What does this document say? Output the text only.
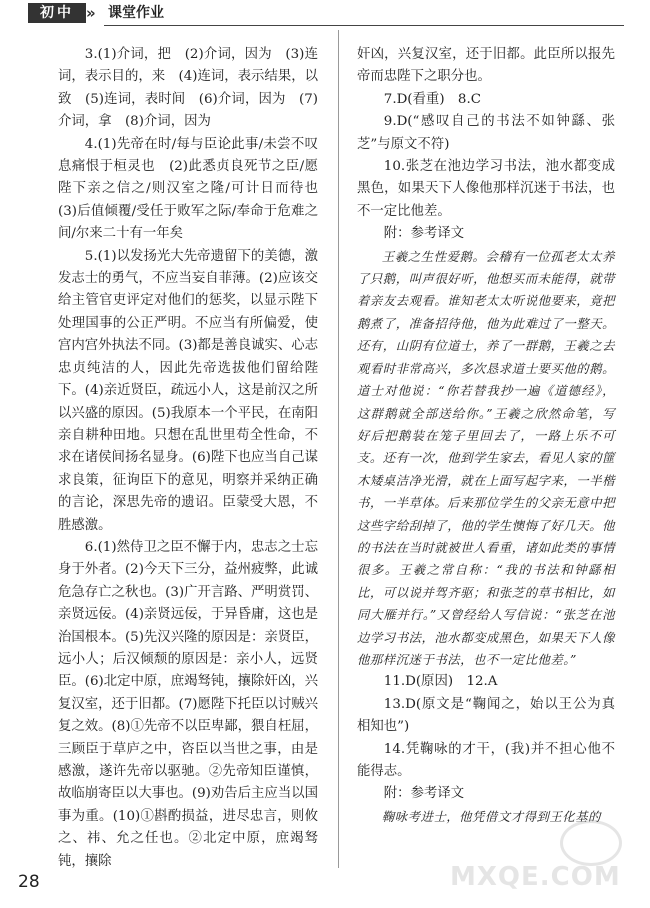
初中 » 课堂作业

3.(1)介词，把　(2)介词，因为　(3)连词，表示目的，来　(4)连词，表示结果，以致　(5)连词，表时间　(6)介词，因为　(7)介词，拿　(8)介词，因为

4.(1)先帝在时/每与臣论此事/未尝不叹息痛恨于桓灵也　(2)此悉贞良死节之臣/愿陛下亲之信之/则汉室之隆/可计日而待也　(3)后值倾覆/受任于败军之际/奉命于危难之间/尔来二十有一年矣

5.(1)以发扬光大先帝遗留下的美德，激发志士的勇气，不应当妄自菲薄。(2)应该交给主管官吏评定对他们的惩奖，以显示陛下处理国事的公正严明。不应当有所偏爱，使宫内宫外执法不同。(3)都是善良诚实、心志忠贞纯洁的人，因此先帝选拔他们留给陛下。(4)亲近贤臣，疏远小人，这是前汉之所以兴盛的原因。(5)我原本一个平民，在南阳亲自耕种田地。只想在乱世里苟全性命，不求在诸侯间扬名显身。(6)陛下也应当自己谋求良策，征询臣下的意见，明察并采纳正确的言论，深思先帝的遗诏。臣蒙受大恩，不胜感激。

6.(1)然侍卫之臣不懈于内，忠志之士忘身于外者。(2)今天下三分，益州疲弊，此诚危急存亡之秋也。(3)广开言路、严明赏罚、亲贤远佞。(4)亲贤远佞，于异昏庸，这也是治国根本。(5)先汉兴隆的原因是：亲贤臣，远小人；后汉倾颓的原因是：亲小人，远贤臣。(6)北定中原，庶竭驽钝，攘除奸凶，兴复汉室，还于旧都。(7)愿陛下托臣以讨贼兴复之效。(8)①先帝不以臣卑鄙，猥自枉屈，三顾臣于草庐之中，咨臣以当世之事，由是感激，遂许先帝以驱驰。②先帝知臣谨慎，故临崩寄臣以大事也。(9)劝告后主应当以国事为重。(10)①斟酌损益，进尽忠言，则攸之、祎、允之任也。②北定中原，庶竭驽钝，攘除

奸凶，兴复汉室，还于旧都。此臣所以报先帝而忠陛下之职分也。

7.D(看重)　8.C

9.D(“感叹自己的书法不如钟繇、张芝”与原文不符)

10.张芝在池边学习书法，池水都变成黑色，如果天下人像他那样沉迷于书法，也不一定比他差。

附：参考译文

王羲之生性爱鹅。会稽有一位孤老太太养了只鹅，叫声很好听，他想买而未能得，就带着亲友去观看。谁知老太太听说他要来，竟把鹅煮了，准备招待他，他为此难过了一整天。还有，山阴有位道士，养了一群鹅，王羲之去观看时非常高兴，多次恳求道士要买他的鹅。道士对他说：“你若替我抄一遍《道德经》，这群鹅就全部送给你。”王羲之欣然命笔，写好后把鹅装在笼子里回去了，一路上乐不可支。还有一次，他到学生家去，看见人家的篚木矮桌洁净光滑，就在上面写起字来，一半楷书，一半草体。后来那位学生的父亲无意中把这些字给刮掉了，他的学生懊悔了好几天。他的书法在当时就被世人看重，诸如此类的事情很多。王羲之常自称：“我的书法和钟繇相比，可以说并驾齐驱；和张芝的草书相比，如同大雁并行。”又曾经给人写信说：“张芝在池边学习书法，池水都变成黑色，如果天下人像他那样沉迷于书法，也不一定比他差。”

11.D(原因)　12.A

13.D(原文是“鞠闻之，始以王公为真相知也”)

14.凭鞠咏的才干，(我)并不担心他不能得志。

附：参考译文

鞠咏考进士，他凭借文才得到王化基的

28	MXQE.COM
